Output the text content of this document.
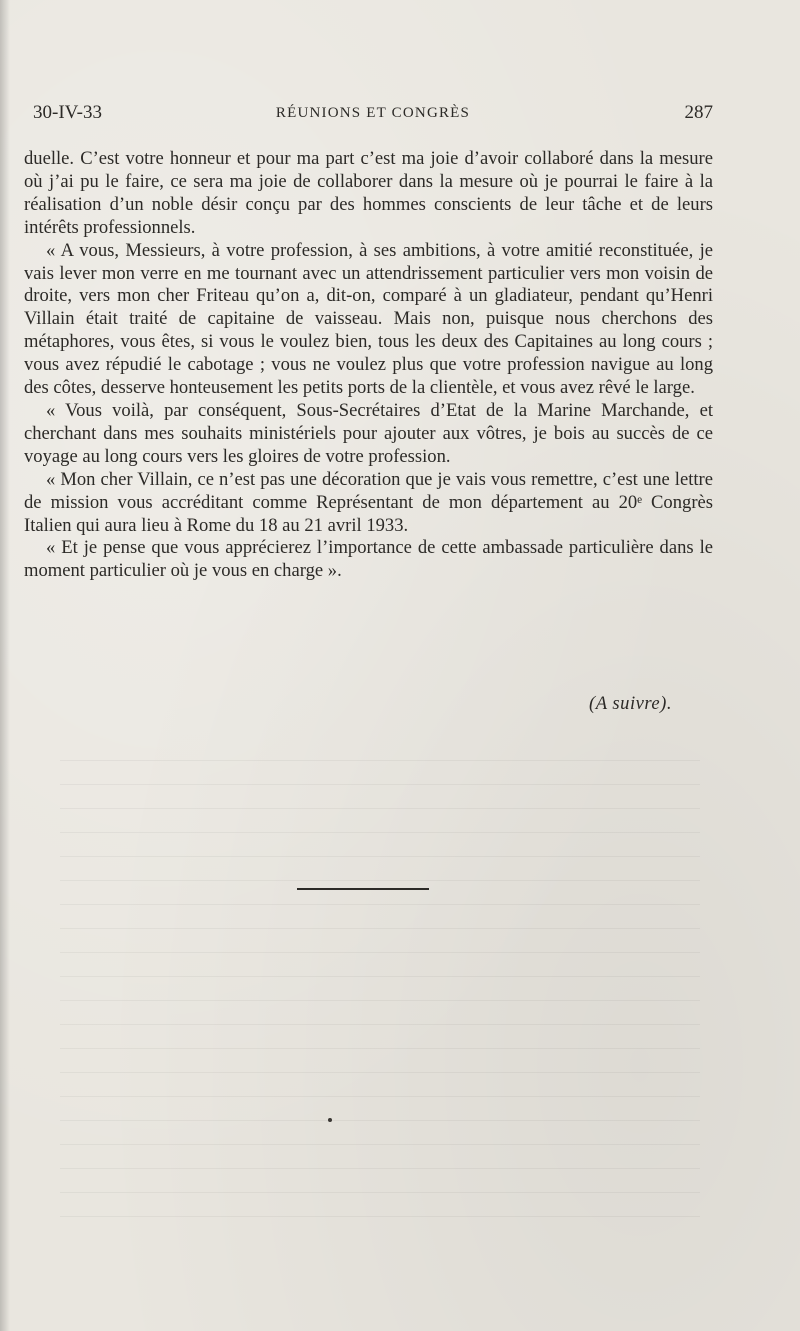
30-IV-33	RÉUNIONS ET CONGRÈS	287

duelle. C’est votre honneur et pour ma part c’est ma joie d’avoir collaboré dans la mesure où j’ai pu le faire, ce sera ma joie de collaborer dans la mesure où je pourrai le faire à la réalisation d’un noble désir conçu par des hommes conscients de leur tâche et de leurs intérêts professionnels.

« A vous, Messieurs, à votre profession, à ses ambitions, à votre amitié reconstituée, je vais lever mon verre en me tournant avec un attendrissement particulier vers mon voisin de droite, vers mon cher Friteau qu’on a, dit-on, comparé à un gladiateur, pendant qu’Henri Villain était traité de capitaine de vaisseau. Mais non, puisque nous cherchons des métaphores, vous êtes, si vous le voulez bien, tous les deux des Capitaines au long cours ; vous avez répudié le cabotage ; vous ne voulez plus que votre profession navigue au long des côtes, desserve honteusement les petits ports de la clientèle, et vous avez rêvé le large.

« Vous voilà, par conséquent, Sous-Secrétaires d’Etat de la Marine Marchande, et cherchant dans mes souhaits ministériels pour ajouter aux vôtres, je bois au succès de ce voyage au long cours vers les gloires de votre profession.

« Mon cher Villain, ce n’est pas une décoration que je vais vous remettre, c’est une lettre de mission vous accréditant comme Représentant de mon département au 20ᵉ Congrès Italien qui aura lieu à Rome du 18 au 21 avril 1933.

« Et je pense que vous apprécierez l’importance de cette ambassade particulière dans le moment particulier où je vous en charge ».

(A suivre).
